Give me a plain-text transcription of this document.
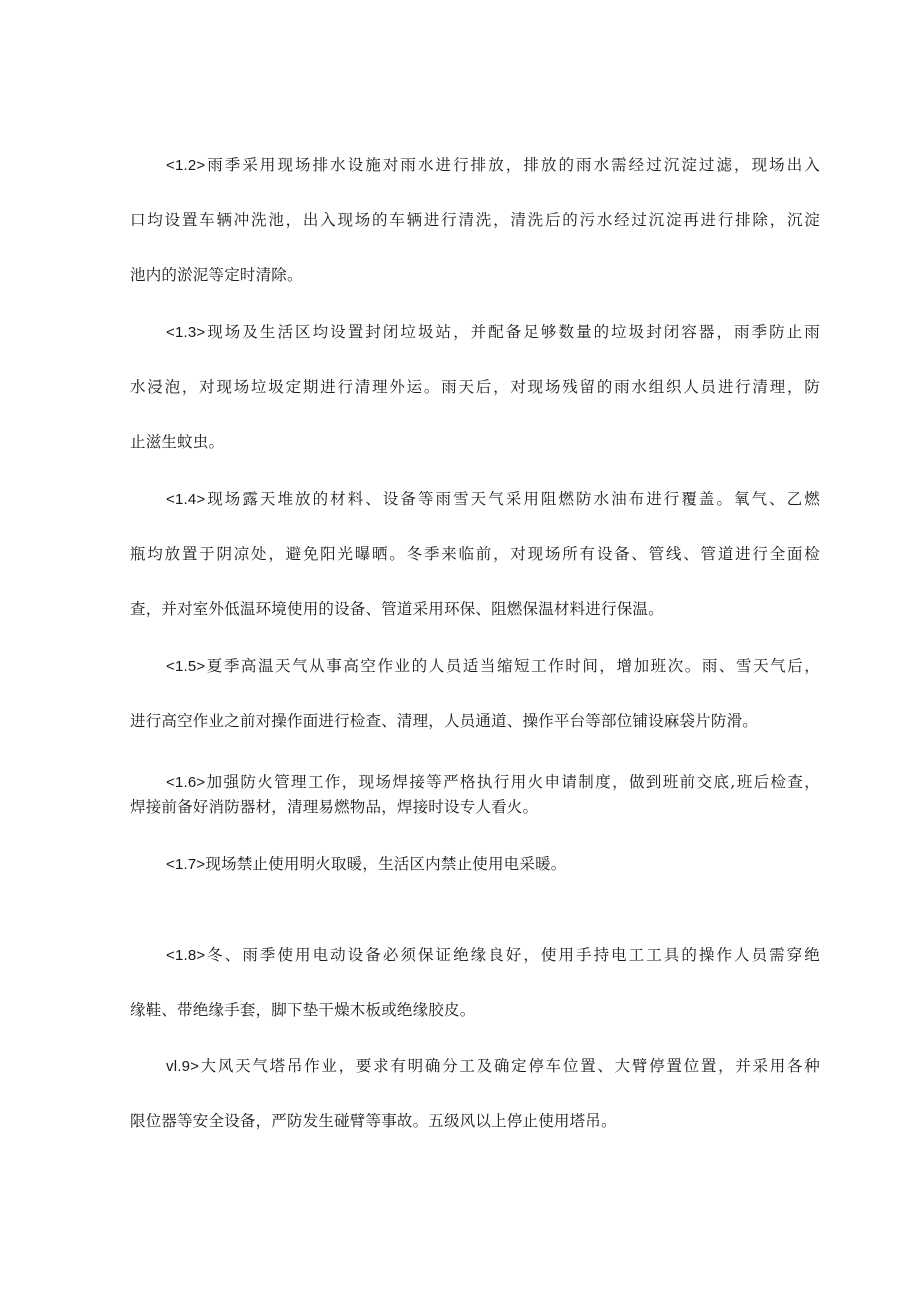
<1.2>雨季采用现场排水设施对雨水进行排放，排放的雨水需经过沉淀过滤，现场出入
口均设置车辆冲洗池，出入现场的车辆进行清洗，清洗后的污水经过沉淀再进行排除，沉淀
池内的淤泥等定时清除。
<1.3>现场及生活区均设置封闭垃圾站，并配备足够数量的垃圾封闭容器，雨季防止雨
水浸泡，对现场垃圾定期进行清理外运。雨天后，对现场残留的雨水组织人员进行清理，防
止滋生蚊虫。
<1.4>现场露天堆放的材料、设备等雨雪天气采用阻燃防水油布进行覆盖。氧气、乙燃
瓶均放置于阴凉处，避免阳光曝晒。冬季来临前，对现场所有设备、管线、管道进行全面检
查，并对室外低温环境使用的设备、管道采用环保、阻燃保温材料进行保温。
<1.5>夏季高温天气从事高空作业的人员适当缩短工作时间，增加班次。雨、雪天气后，
进行高空作业之前对操作面进行检查、清理，人员通道、操作平台等部位铺设麻袋片防滑。
<1.6>加强防火管理工作，现场焊接等严格执行用火申请制度，做到班前交底,班后检查，
焊接前备好消防器材，清理易燃物品，焊接时设专人看火。
<1.7>现场禁止使用明火取暖，生活区内禁止使用电采暖。
<1.8>冬、雨季使用电动设备必须保证绝缘良好，使用手持电工工具的操作人员需穿绝
缘鞋、带绝缘手套，脚下垫干燥木板或绝缘胶皮。
vl.9>大风天气塔吊作业，要求有明确分工及确定停车位置、大臂停置位置，并采用各种
限位器等安全设备，严防发生碰臂等事故。五级风以上停止使用塔吊。
